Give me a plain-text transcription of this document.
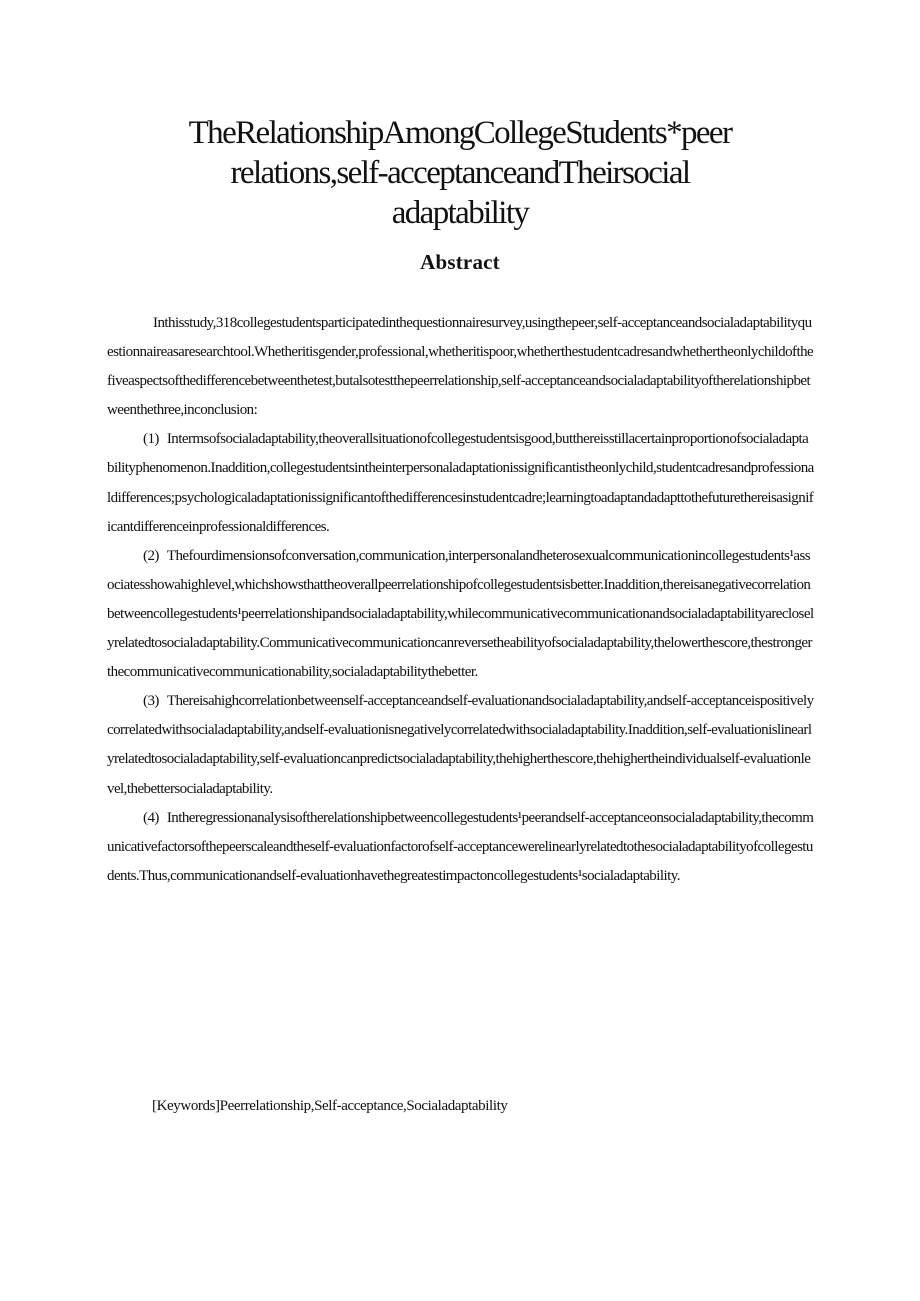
TheRelationshipAmongCollegeStudents*peer
relations,self-acceptanceandTheirsocial
adaptability
Abstract

Inthisstudy,318collegestudentsparticipatedinthequestionnairesurvey,usingthepeer,self-acceptanceandsocialadaptabilityquestionnaireasaresearchtool.Whetheritisgender,professional,whetheritispoor,whetherthestudentcadresandwhethertheonlychildofthefiveaspectsofthedifferencebetweenthetest,butalsotestthepeerrelationship,self-acceptanceandsocialadaptabilityoftherelationshipbetweenthethree,inconclusion:

(1) Intermsofsocialadaptability,theoverallsituationofcollegestudentsisgood,butthereisstillacertainproportionofsocialadaptabilityphenomenon.Inaddition,collegestudentsintheinterpersonaladaptationissignificantistheonlychild,studentcadresandprofessionaldifferences;psychologicaladaptationissignificantofthedifferencesinstudentcadre;learningtoadaptandadapttothefuturethereisasignificantdifferenceinprofessionaldifferences.

(2) Thefourdimensionsofconversation,communication,interpersonalandheterosexualcommunicationincollegestudents¹associatesshowahighlevel,whichshowsthattheoverallpeerrelationshipofcollegestudentsisbetter.Inaddition,thereisanegativecorrelationbetweencollegestudents¹peerrelationshipandsocialadaptability,whilecommunicativecommunicationandsocialadaptabilityarecloselyrelatedtosocialadaptability.Communicativecommunicationcanreversetheabilityofsocialadaptability,thelowerthescore,thestrongerthecommunicativecommunicationability,socialadaptabilitythebetter.

(3) Thereisahighcorrelationbetweenself-acceptanceandself-evaluationandsocialadaptability,andself-acceptanceispositivelycorrelatedwithsocialadaptability,andself-evaluationisnegativelycorrelatedwithsocialadaptability.Inaddition,self-evaluationislinearlyrelatedtosocialadaptability,self-evaluationcanpredictsocialadaptability,thehigherthescore,thehighertheindividualself-evaluationlevel,thebettersocialadaptability.

(4) Intheregressionanalysisoftherelationshipbetweencollegestudents¹peerandself-acceptanceonsocialadaptability,thecommunicativefactorsofthepeerscaleandtheself-evaluationfactorofself-acceptancewerelinearlyrelatedtothesocialadaptabilityofcollegestudents.Thus,communicationandself-evaluationhavethegreatestimpactoncollegestudents¹socialadaptability.

[Keywords]Peerrelationship,Self-acceptance,Socialadaptability
